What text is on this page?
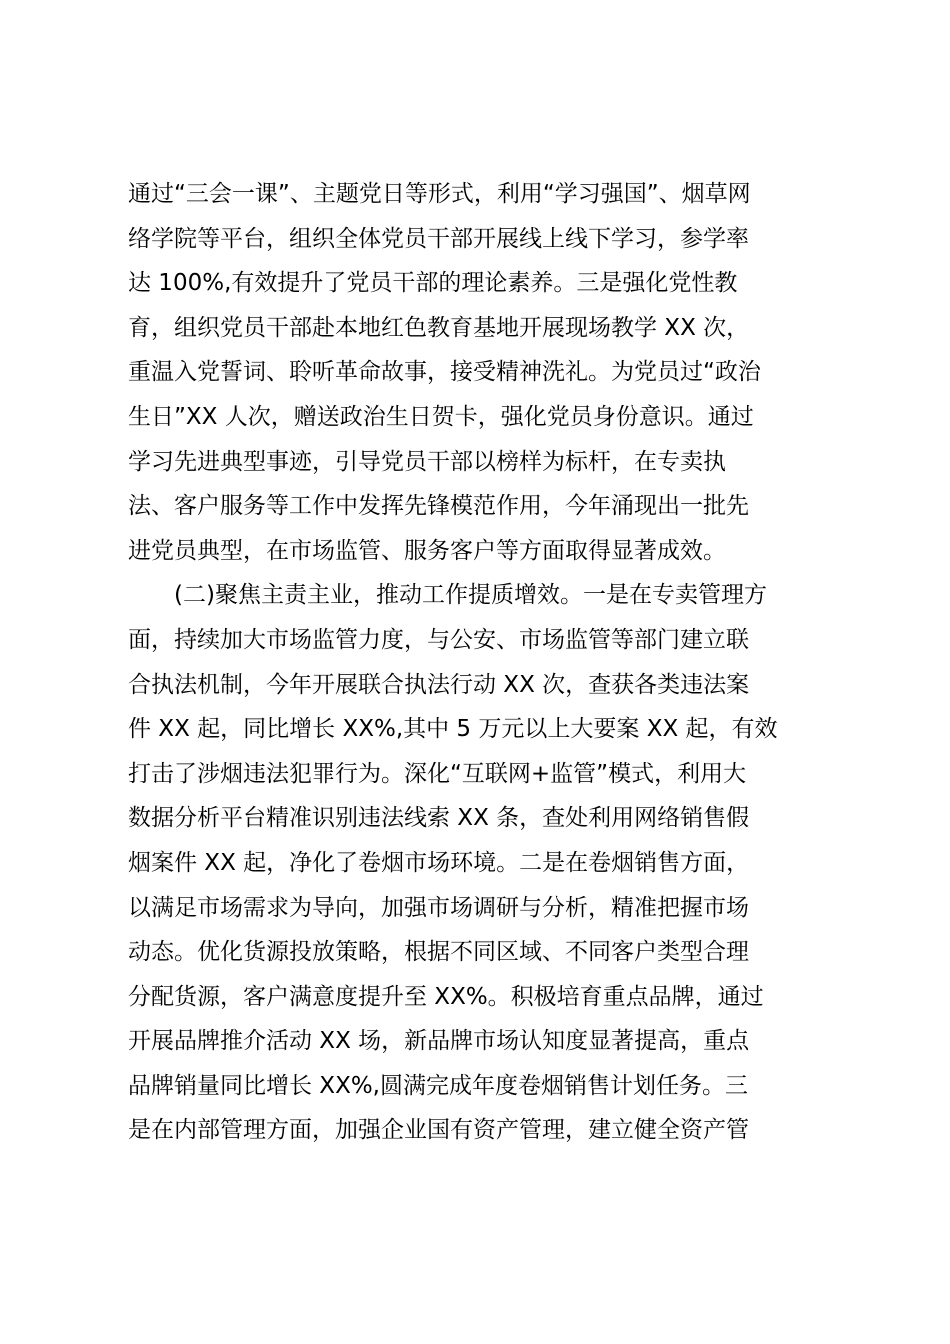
通过“三会一课”、主题党日等形式，利用“学习强国”、烟草网
络学院等平台，组织全体党员干部开展线上线下学习，参学率
达 100%,有效提升了党员干部的理论素养。三是强化党性教
育，组织党员干部赴本地红色教育基地开展现场教学 XX 次，
重温入党誓词、聆听革命故事，接受精神洗礼。为党员过“政治
生日”XX 人次，赠送政治生日贺卡，强化党员身份意识。通过
学习先进典型事迹，引导党员干部以榜样为标杆，在专卖执
法、客户服务等工作中发挥先锋模范作用，今年涌现出一批先
进党员典型，在市场监管、服务客户等方面取得显著成效。
　　(二)聚焦主责主业，推动工作提质增效。一是在专卖管理方
面，持续加大市场监管力度，与公安、市场监管等部门建立联
合执法机制，今年开展联合执法行动 XX 次，查获各类违法案
件 XX 起，同比增长 XX%,其中 5 万元以上大要案 XX 起，有效
打击了涉烟违法犯罪行为。深化“互联网+监管”模式，利用大
数据分析平台精准识别违法线索 XX 条，查处利用网络销售假
烟案件 XX 起，净化了卷烟市场环境。二是在卷烟销售方面，
以满足市场需求为导向，加强市场调研与分析，精准把握市场
动态。优化货源投放策略，根据不同区域、不同客户类型合理
分配货源，客户满意度提升至 XX%。积极培育重点品牌，通过
开展品牌推介活动 XX 场，新品牌市场认知度显著提高，重点
品牌销量同比增长 XX%,圆满完成年度卷烟销售计划任务。三
是在内部管理方面，加强企业国有资产管理，建立健全资产管
